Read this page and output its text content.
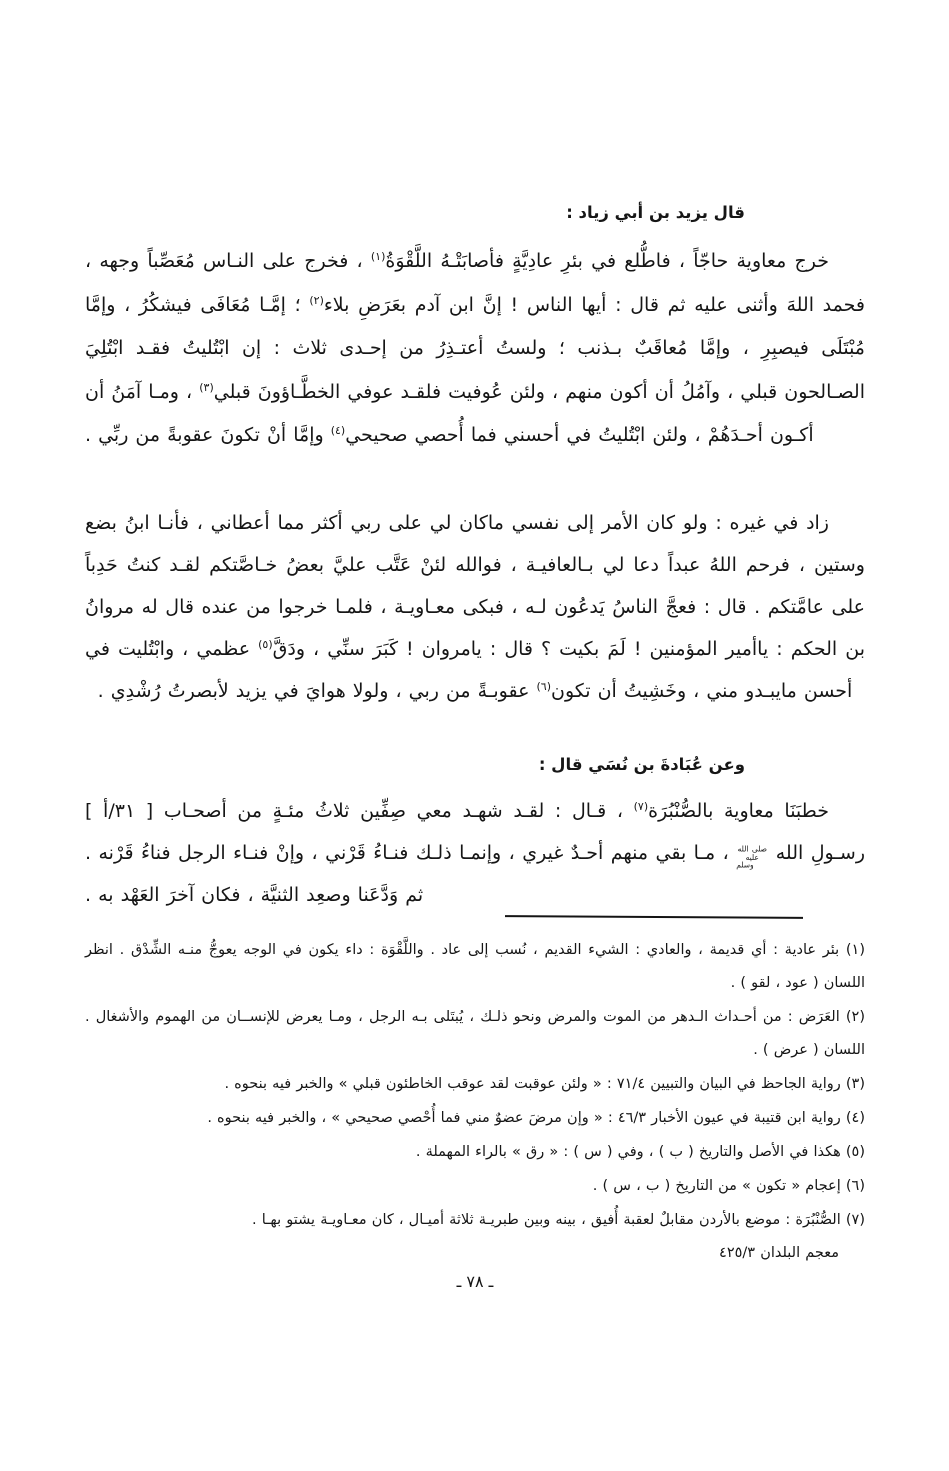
قال يزيد بن أبي زياد :

خرج معاوية حاجّاً ، فاطُّلع في بئرِ عادِيَّةٍ فأصابَتْـهُ اللَّقْوَةُ$^{(١)}$ ، فخرج على النـاس مُعَصِّباً وجهه ، فحمد اللهَ وأثنى عليه ثم قال : أيها الناس ! إنَّ ابن آدم بعَرَضِ بلاء$^{(٢)}$ ؛ إمَّـا مُعَافَى فيشكُرُ ، وإمَّا مُبْتَلَى فيصبِرِ ، وإمَّا مُعاقَبٌ بـذنب ؛ ولستُ أعتـذِرُ من إحـدى ثلاث : إن ابْتُليتُ فقـد ابْتُلِيَ الصـالحون قبلي ، وآمُلُ أن أكون منهم ، ولئن عُوفيت فلقـد عوفي الخطَّـاؤونَ قبلي$^{(٣)}$ ، ومـا آمَنُ أن أكـون أحـدَهُمْ ، ولئن ابْتُليتُ في أحسني فما أُحصي صحيحي$^{(٤)}$ وإمَّا أنْ تكونَ عقوبةً من ربِّي .

زاد في غيره : ولو كان الأمر إلى نفسي ماكان لي على ربي أكثر مما أعطاني ، فأنـا ابنُ بضع وستين ، فرحم اللهُ عبداً دعا لي بـالعافيـة ، فوالله لئنْ عَتَّب عليَّ بعضُ خـاصَّتكم لقـد كنتُ حَدِباً على عامَّتكم . قال : فعجَّ الناسُ يَدعُون لـه ، فبكى معـاويـة ، فلمـا خرجوا من عنده قال له مروانُ بن الحكم : ياأمير المؤمنين ! لَمَ بكيت ؟ قال : يامروان ! كَبَرَ سنِّي ، ودَقَّ$^{(٥)}$ عظمي ، وابْتُليت في أحسن مايبـدو مني ، وخَشِيتُ أن تكون$^{(٦)}$ عقوبـةً من ربي ، ولولا هوايَ في يزيد لأبصرتُ رُشْدِي .

وعن عُبَادةَ بن نُسَي قال :

خطبَنَا معاوية بالصُّنْبُرَة$^{(٧)}$ ، قـال : لقـد شهـد معي صِفِّين ثلاثُ مئـةٍ من أصحـاب [ ٣١/أ ] رسـولِ الله صلى الله عليه وسلم ، مـا بقي منهم أحـدٌ غيري ، وإنمـا ذلـك فنـاءُ قَرْني ، وإنْ فنـاء الرجل فناءُ قَرْنه . ثم وَدَّعَنا وصعِد الثنيَّة ، فكان آخرَ العَهْد به .

(١) بئر عادية : أي قديمة ، والعادي : الشيء القديم ، نُسب إلى عاد . واللَّقْوَة : داء يكون في الوجه يعوجُّ منـه الشِّدْق . انظر اللسان ( عود ، لقو ) .
(٢) العَرَض : من أحـداث الـدهر من الموت والمرض ونحو ذلـك ، يُبتَلى بـه الرجل ، ومـا يعرض للإنســان من الهموم والأشغال . اللسان ( عرض ) .
(٣) رواية الجاحظ في البيان والتبيين ٧١/٤ : « ولئن عوقبت لقد عوقب الخاطئون قبلي » والخبر فيه بنحوه .
(٤) رواية ابن قتيبة في عيون الأخبار ٤٦/٣ : « وإن مرضَ عضوٌ مني فما أُحْصي صحيحي » ، والخبر فيه بنحوه .
(٥) هكذا في الأصل والتاريخ ( ب ) ، وفي ( س ) : « رق » بالراء المهملة .
(٦) إعجام « تكون » من التاريخ ( ب ، س ) .
(٧) الصُّنْبُرَة : موضع بالأردن مقابلٌ لعقبة أُفيق ، بينه وبين طبريـة ثلاثة أميـال ، كان معـاويـة يشتو بهـا .
معجم البلدان ٤٢٥/٣
ـ ٧٨ ـ
